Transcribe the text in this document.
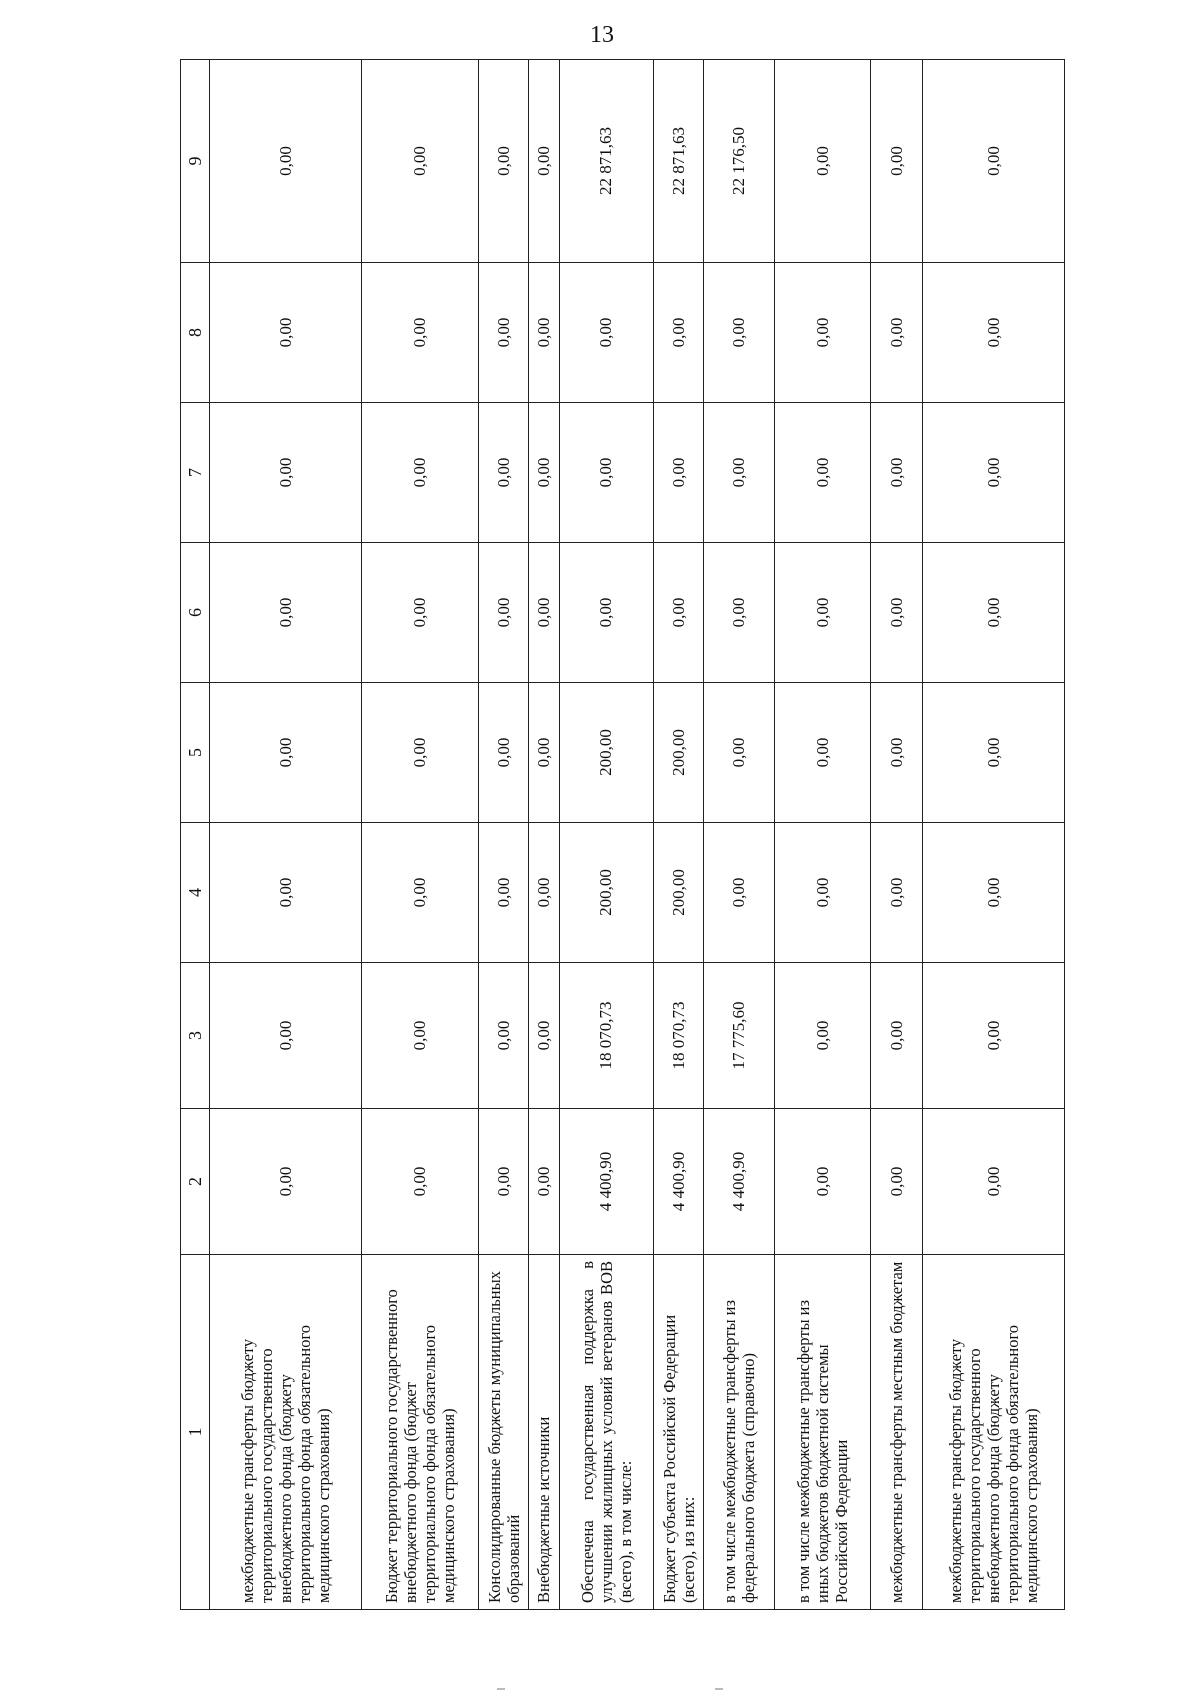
13
1	2	3	4	5	6	7	8	9
межбюджетные трансферты бюджету территориального государственного внебюджетного фонда (бюджету территориального фонда обязательного медицинского страхования)	0,00	0,00	0,00	0,00	0,00	0,00	0,00	0,00
Бюджет территориального государственного внебюджетного фонда (бюджет территориального фонда обязательного медицинского страхования)	0,00	0,00	0,00	0,00	0,00	0,00	0,00	0,00
Консолидированные бюджеты муниципальных образований	0,00	0,00	0,00	0,00	0,00	0,00	0,00	0,00
Внебюджетные источники	0,00	0,00	0,00	0,00	0,00	0,00	0,00	0,00
Обеспечена государственная поддержка в улучшении жилищных условий ветеранов ВОВ (всего), в том числе:	4 400,90	18 070,73	200,00	200,00	0,00	0,00	0,00	22 871,63
Бюджет субъекта Российской Федерации (всего), из них:	4 400,90	18 070,73	200,00	200,00	0,00	0,00	0,00	22 871,63
в том числе межбюджетные трансферты из федерального бюджета (справочно)	4 400,90	17 775,60	0,00	0,00	0,00	0,00	0,00	22 176,50
в том числе межбюджетные трансферты из иных бюджетов бюджетной системы Российской Федерации	0,00	0,00	0,00	0,00	0,00	0,00	0,00	0,00
межбюджетные трансферты местным бюджетам	0,00	0,00	0,00	0,00	0,00	0,00	0,00	0,00
межбюджетные трансферты бюджету территориального государственного внебюджетного фонда (бюджету территориального фонда обязательного медицинского страхования)	0,00	0,00	0,00	0,00	0,00	0,00	0,00	0,00
